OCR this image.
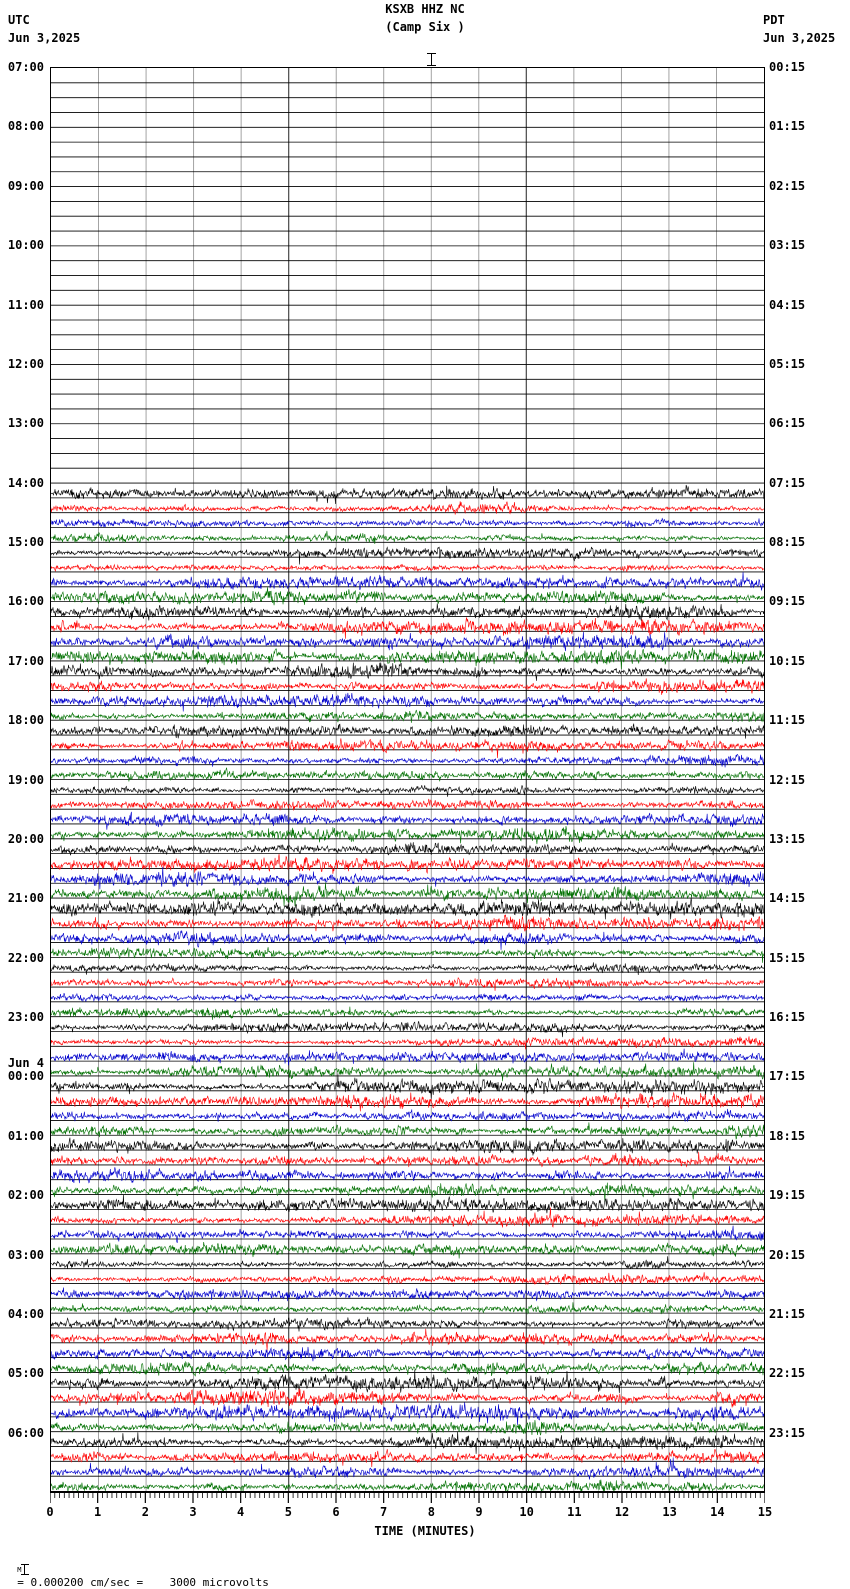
UTC
Jun 3,2025
PDT
Jun 3,2025
KSXB HHZ NC
(Camp Six )

07:00	00:15
08:00	01:15
09:00	02:15
10:00	03:15
11:00	04:15
12:00	05:15
13:00	06:15
14:00	07:15
15:00	08:15
16:00	09:15
17:00	10:15
18:00	11:15
19:00	12:15
20:00	13:15
21:00	14:15
22:00	15:15
23:00	16:15
00:00	17:15
Jun 4
01:00	18:15
02:00	19:15
03:00	20:15
04:00	21:15
05:00	22:15
06:00	23:15
0	1	2	3	4	5	6	7	8	9	10	11	12	13	14	15
TIME (MINUTES)

M

= 0.000200 cm/sec =    3000 microvolts
